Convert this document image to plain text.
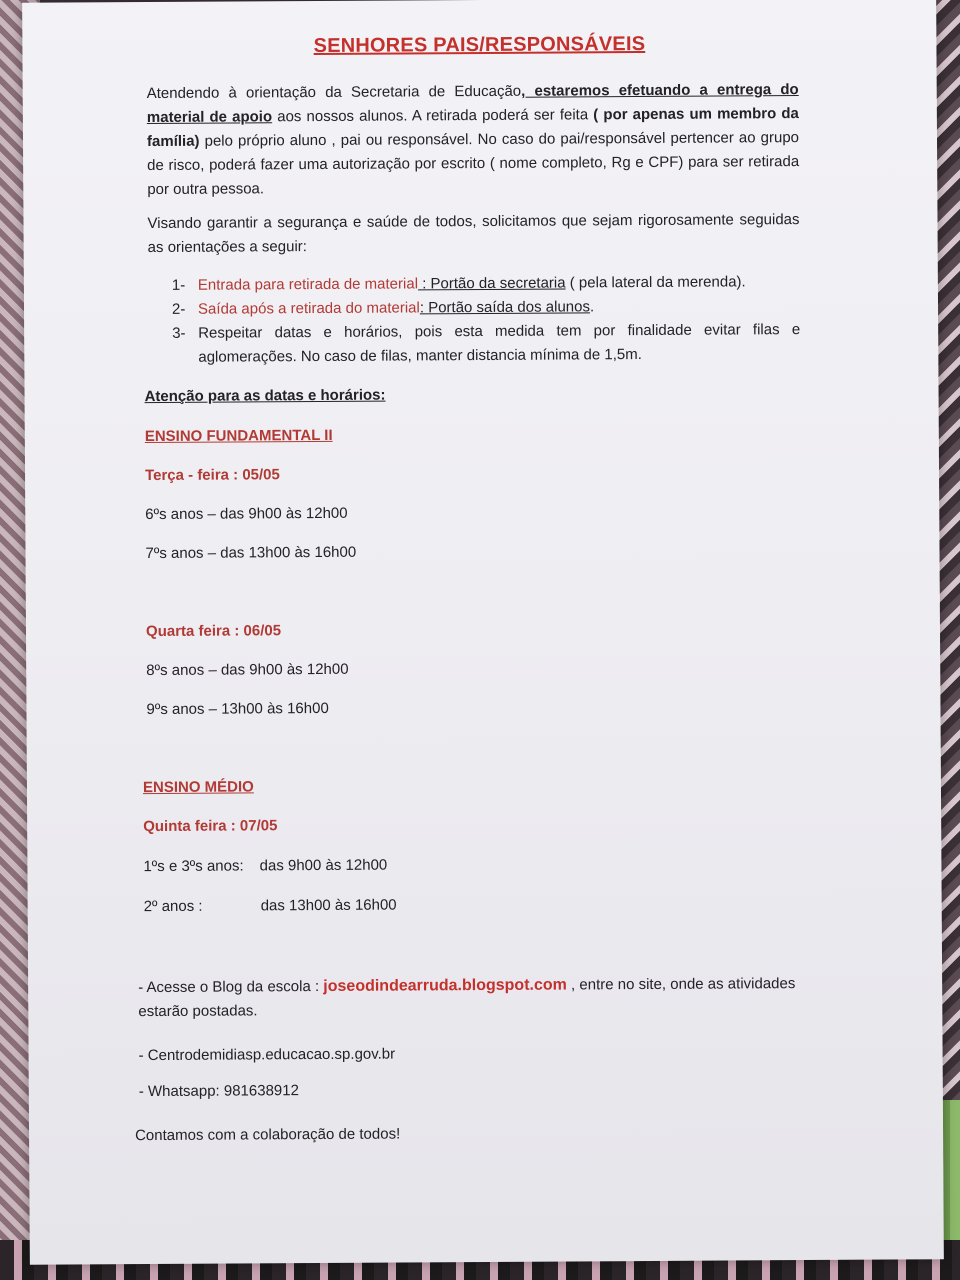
SENHORES PAIS/RESPONSÁVEIS

Atendendo à orientação da Secretaria de Educação, estaremos efetuando a entrega do material de apoio aos nossos alunos. A retirada poderá ser feita ( por apenas um membro da família) pelo próprio aluno , pai ou responsável. No caso do pai/responsável pertencer ao grupo de risco, poderá fazer uma autorização por escrito ( nome completo, Rg e CPF) para ser retirada por outra pessoa.

Visando garantir a segurança e saúde de todos, solicitamos que sejam rigorosamente seguidas as orientações a seguir:

1- Entrada para retirada de material : Portão da secretaria ( pela lateral da merenda).
2- Saída após a retirada do material: Portão saída dos alunos.
3- Respeitar datas e horários, pois esta medida tem por finalidade evitar filas e aglomerações. No caso de filas, manter distancia mínima de 1,5m.
Atenção para as datas e horários:
ENSINO FUNDAMENTAL II
Terça - feira : 05/05
6ºs anos – das 9h00 às 12h00
7ºs anos – das 13h00 às 16h00
Quarta feira : 06/05
8ºs anos – das 9h00 às 12h00
9ºs anos – 13h00 às 16h00
ENSINO MÉDIO
Quinta feira : 07/05
1ºs e 3ºs anos: das 9h00 às 12h00
2º anos :	das 13h00 às 16h00
- Acesse o Blog da escola : joseodindearruda.blogspot.com , entre no site, onde as atividades estarão postadas.
- Centrodemidiasp.educacao.sp.gov.br
- Whatsapp: 981638912
Contamos com a colaboração de todos!
